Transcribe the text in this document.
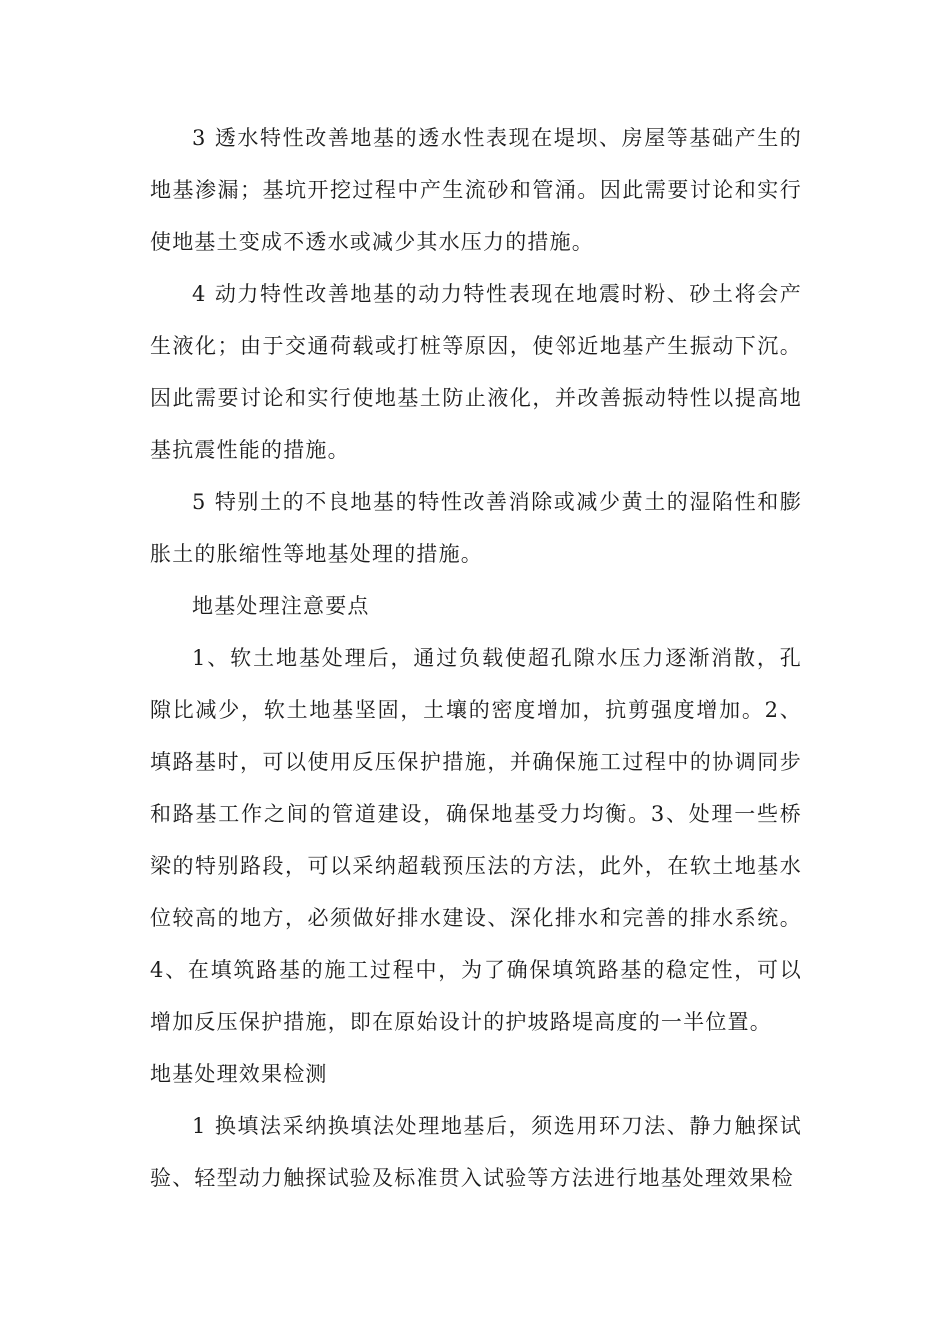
3 透水特性改善地基的透水性表现在堤坝、房屋等基础产生的地基渗漏；基坑开挖过程中产生流砂和管涌。因此需要讨论和实行使地基土变成不透水或减少其水压力的措施。

4 动力特性改善地基的动力特性表现在地震时粉、砂土将会产生液化；由于交通荷载或打桩等原因，使邻近地基产生振动下沉。因此需要讨论和实行使地基土防止液化，并改善振动特性以提高地基抗震性能的措施。

5 特别土的不良地基的特性改善消除或减少黄土的湿陷性和膨胀土的胀缩性等地基处理的措施。

地基处理注意要点

1、软土地基处理后，通过负载使超孔隙水压力逐渐消散，孔隙比减少，软土地基坚固，土壤的密度增加，抗剪强度增加。2、填路基时，可以使用反压保护措施，并确保施工过程中的协调同步和路基工作之间的管道建设，确保地基受力均衡。3、处理一些桥梁的特别路段，可以采纳超载预压法的方法，此外，在软土地基水位较高的地方，必须做好排水建设、深化排水和完善的排水系统。4、在填筑路基的施工过程中，为了确保填筑路基的稳定性，可以增加反压保护措施，即在原始设计的护坡路堤高度的一半位置。地基处理效果检测

1 换填法采纳换填法处理地基后，须选用环刀法、静力触探试验、轻型动力触探试验及标准贯入试验等方法进行地基处理效果检
